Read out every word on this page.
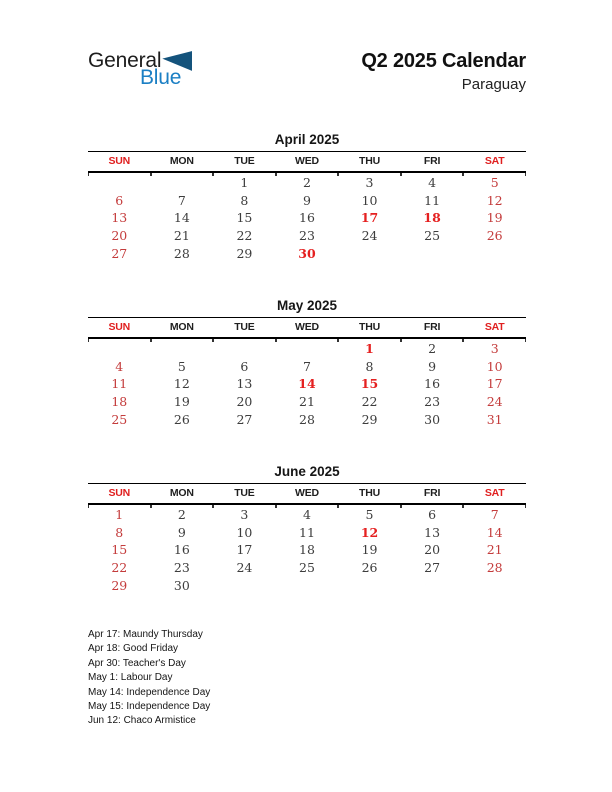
General
Blue
Q2 2025 Calendar
Paraguay
April 2025
SUN	MON	TUE	WED	THU	FRI	SAT
		1	2	3	4	5
6	7	8	9	10	11	12
13	14	15	16	17	18	19
20	21	22	23	24	25	26
27	28	29	30			
May 2025
SUN	MON	TUE	WED	THU	FRI	SAT
				1	2	3
4	5	6	7	8	9	10
11	12	13	14	15	16	17
18	19	20	21	22	23	24
25	26	27	28	29	30	31
June 2025
SUN	MON	TUE	WED	THU	FRI	SAT
1	2	3	4	5	6	7
8	9	10	11	12	13	14
15	16	17	18	19	20	21
22	23	24	25	26	27	28
29	30					
Apr 17: Maundy Thursday
Apr 18: Good Friday
Apr 30: Teacher's Day
May 1: Labour Day
May 14: Independence Day
May 15: Independence Day
Jun 12: Chaco Armistice
